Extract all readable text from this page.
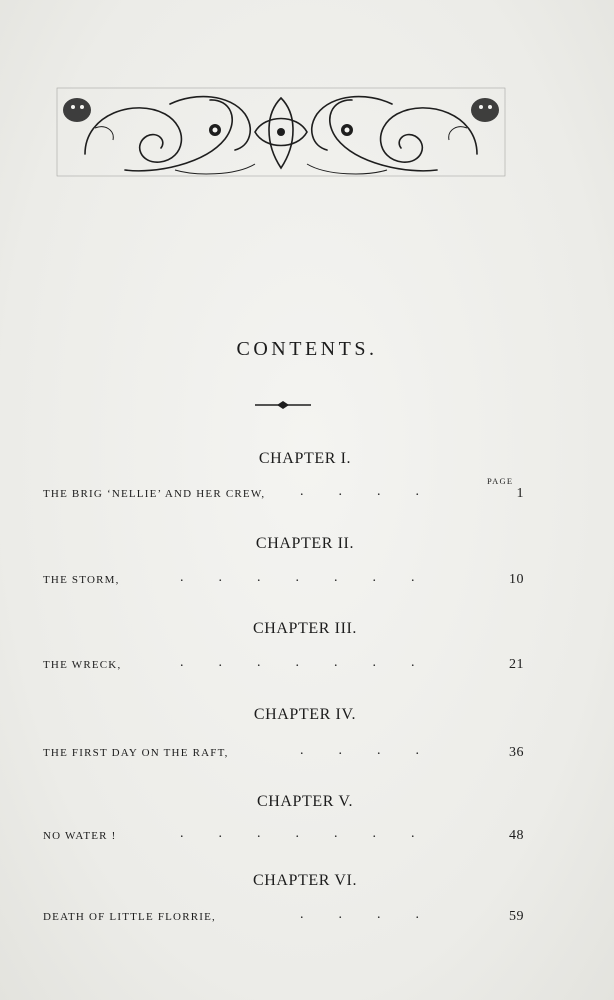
CONTENTS.
PAGE
CHAPTER I.
THE BRIG ‘NELLIE’ AND HER CREW, .   .   .   .	1
CHAPTER II.
THE STORM,	.   .   .   .   .   .   .	10
CHAPTER III.
THE WRECK,	.   .   .   .   .   .   .	21
CHAPTER IV.
THE FIRST DAY ON THE RAFT,	.   .   .   .	36
CHAPTER V.
NO WATER !	.   .   .   .   .   .   .	48
CHAPTER VI.
DEATH OF LITTLE FLORRIE,	.   .   .   .	59
